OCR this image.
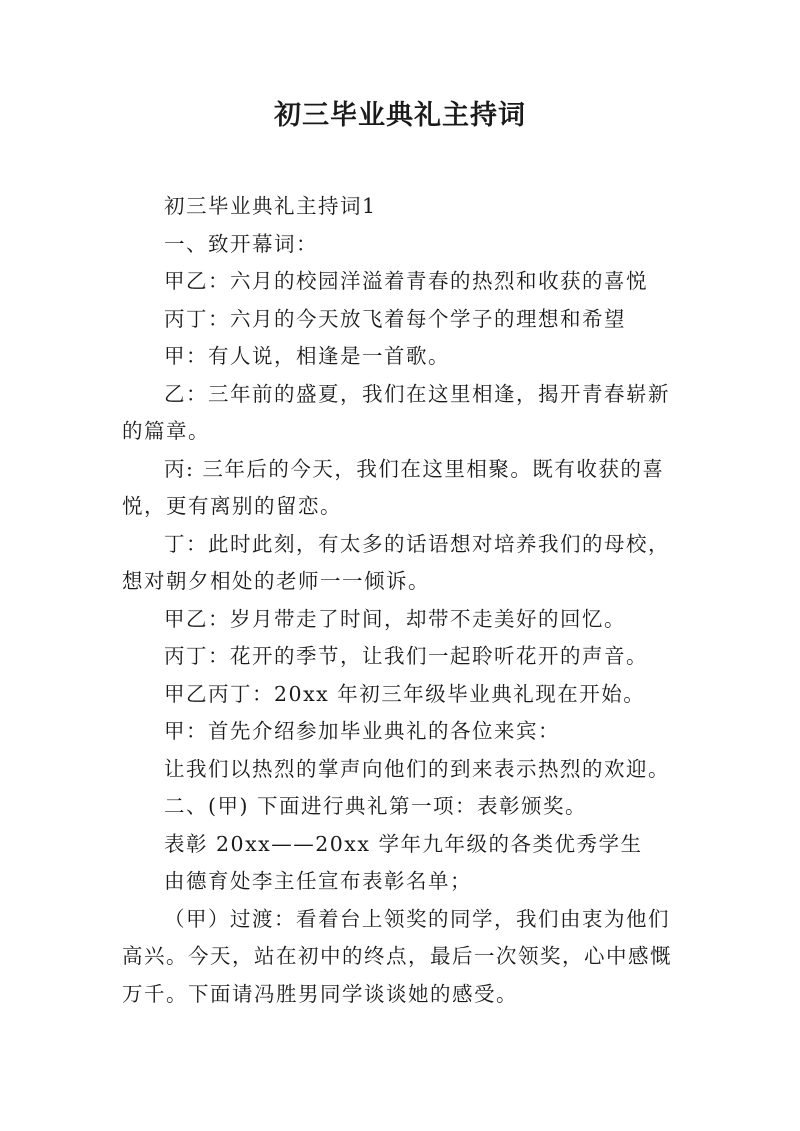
初三毕业典礼主持词

初三毕业典礼主持词1

一、致开幕词：

甲乙：六月的校园洋溢着青春的热烈和收获的喜悦

丙丁：六月的今天放飞着每个学子的理想和希望

甲：有人说，相逢是一首歌。

乙：三年前的盛夏，我们在这里相逢，揭开青春崭新的篇章。

丙: 三年后的今天，我们在这里相聚。既有收获的喜悦，更有离别的留恋。

丁：此时此刻，有太多的话语想对培养我们的母校，想对朝夕相处的老师一一倾诉。

甲乙：岁月带走了时间，却带不走美好的回忆。

丙丁：花开的季节，让我们一起聆听花开的声音。

甲乙丙丁：20xx 年初三年级毕业典礼现在开始。

甲：首先介绍参加毕业典礼的各位来宾：

让我们以热烈的掌声向他们的到来表示热烈的欢迎。

二、(甲) 下面进行典礼第一项：表彰颁奖。

表彰 20xx——20xx 学年九年级的各类优秀学生

由德育处李主任宣布表彰名单；

（甲）过渡：看着台上领奖的同学，我们由衷为他们高兴。今天，站在初中的终点，最后一次领奖，心中感慨万千。下面请冯胜男同学谈谈她的感受。
